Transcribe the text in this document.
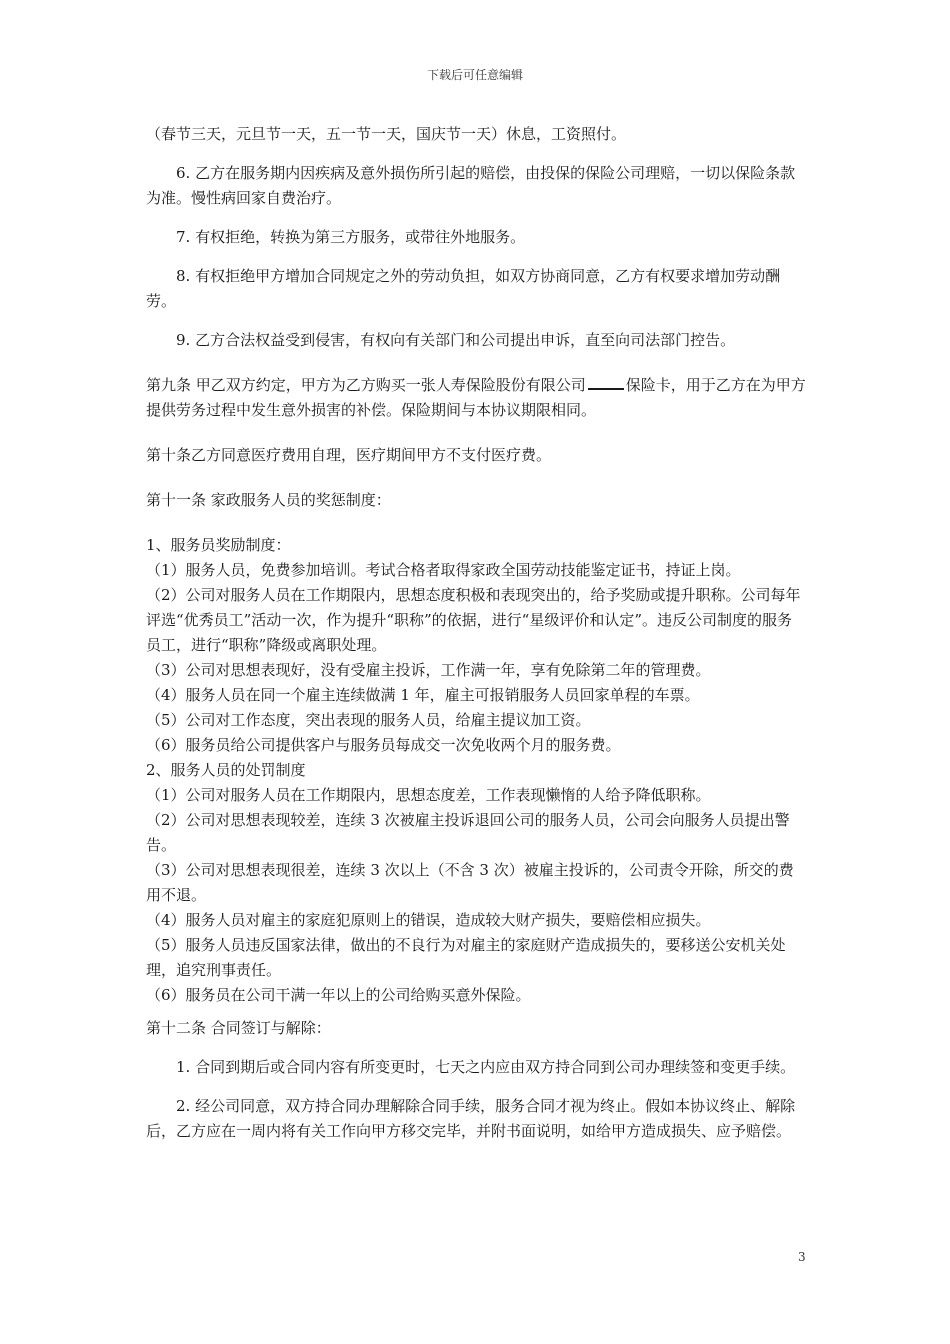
下载后可任意编辑

（春节三天，元旦节一天，五一节一天，国庆节一天）休息，工资照付。

6. 乙方在服务期内因疾病及意外损伤所引起的赔偿，由投保的保险公司理赔，一切以保险条款为准。慢性病回家自费治疗。

7. 有权拒绝，转换为第三方服务，或带往外地服务。

8. 有权拒绝甲方增加合同规定之外的劳动负担，如双方协商同意，乙方有权要求增加劳动酬劳。

9. 乙方合法权益受到侵害，有权向有关部门和公司提出申诉，直至向司法部门控告。

第九条 甲乙双方约定，甲方为乙方购买一张人寿保险股份有限公司	保险卡，用于乙方在为甲方提供劳务过程中发生意外损害的补偿。保险期间与本协议期限相同。

第十条乙方同意医疗费用自理，医疗期间甲方不支付医疗费。

第十一条 家政服务人员的奖惩制度：

1、服务员奖励制度：

（1）服务人员，免费参加培训。考试合格者取得家政全国劳动技能鉴定证书，持证上岗。

（2）公司对服务人员在工作期限内，思想态度积极和表现突出的，给予奖励或提升职称。公司每年评选“优秀员工”活动一次，作为提升“职称”的依据，进行“星级评价和认定”。违反公司制度的服务员工，进行“职称”降级或离职处理。

（3）公司对思想表现好，没有受雇主投诉，工作满一年，享有免除第二年的管理费。

（4）服务人员在同一个雇主连续做满 1 年，雇主可报销服务人员回家单程的车票。

（5）公司对工作态度，突出表现的服务人员，给雇主提议加工资。

（6）服务员给公司提供客户与服务员每成交一次免收两个月的服务费。

2、服务人员的处罚制度

（1）公司对服务人员在工作期限内，思想态度差，工作表现懒惰的人给予降低职称。

（2）公司对思想表现较差，连续 3 次被雇主投诉退回公司的服务人员，公司会向服务人员提出警告。

（3）公司对思想表现很差，连续 3 次以上（不含 3 次）被雇主投诉的，公司责令开除，所交的费用不退。

（4）服务人员对雇主的家庭犯原则上的错误，造成较大财产损失，要赔偿相应损失。

（5）服务人员违反国家法律，做出的不良行为对雇主的家庭财产造成损失的，要移送公安机关处理，追究刑事责任。

（6）服务员在公司干满一年以上的公司给购买意外保险。

第十二条 合同签订与解除：

1. 合同到期后或合同内容有所变更时，七天之内应由双方持合同到公司办理续签和变更手续。

2. 经公司同意，双方持合同办理解除合同手续，服务合同才视为终止。假如本协议终止、解除后，乙方应在一周内将有关工作向甲方移交完毕，并附书面说明，如给甲方造成损失、应予赔偿。

3
